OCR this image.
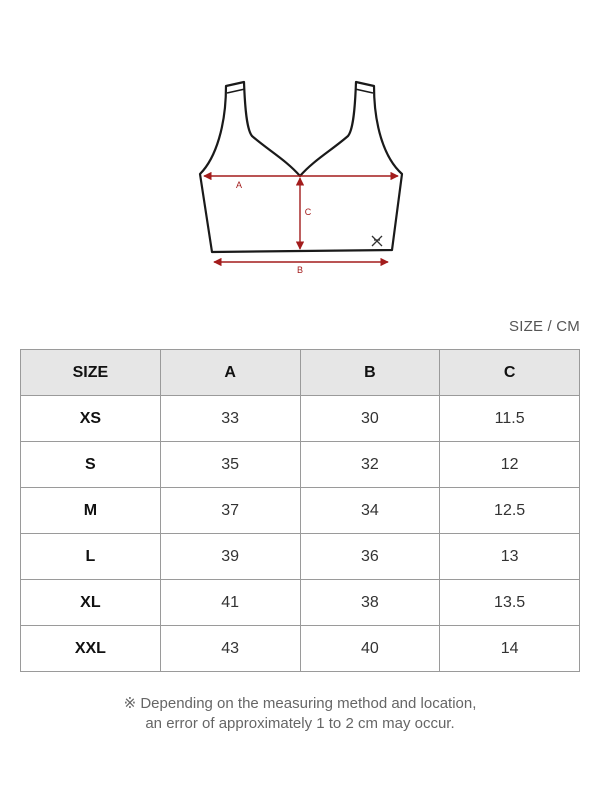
A
C
B
SIZE / CM
SIZE	A	B	C
XS	33	30	11.5
S	35	32	12
M	37	34	12.5
L	39	36	13
XL	41	38	13.5
XXL	43	40	14
※ Depending on the measuring method and location,
an error of approximately 1 to 2 cm may occur.
